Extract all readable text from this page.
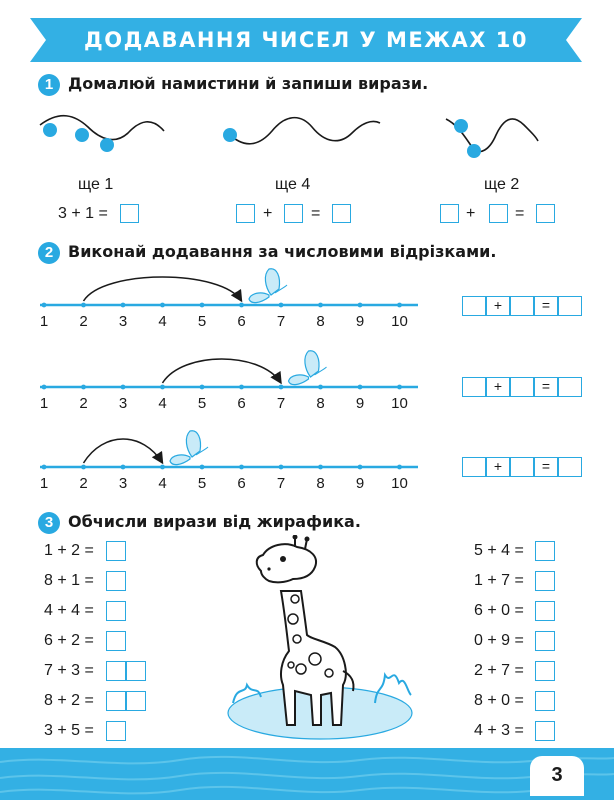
ДОДАВАННЯ ЧИСЕЛ У МЕЖАХ 10
1 Домалюй намистини й запиши вирази.
ще 1	ще 4	ще 2
3 + 1 =	+ =	+ =
2 Виконай додавання за числовими відрізками.
1	2	3	4	5	6	7	8	9	10
1	2	3	4	5	6	7	8	9	10
1	2	3	4	5	6	7	8	9	10
+	=
+	=
+	=
3 Обчисли вирази від жирафика.
1 + 2 =
8 + 1 =
4 + 4 =
6 + 2 =
7 + 3 =
8 + 2 =
3 + 5 =
5 + 4 =
1 + 7 =
6 + 0 =
0 + 9 =
2 + 7 =
8 + 0 =
4 + 3 =
3
